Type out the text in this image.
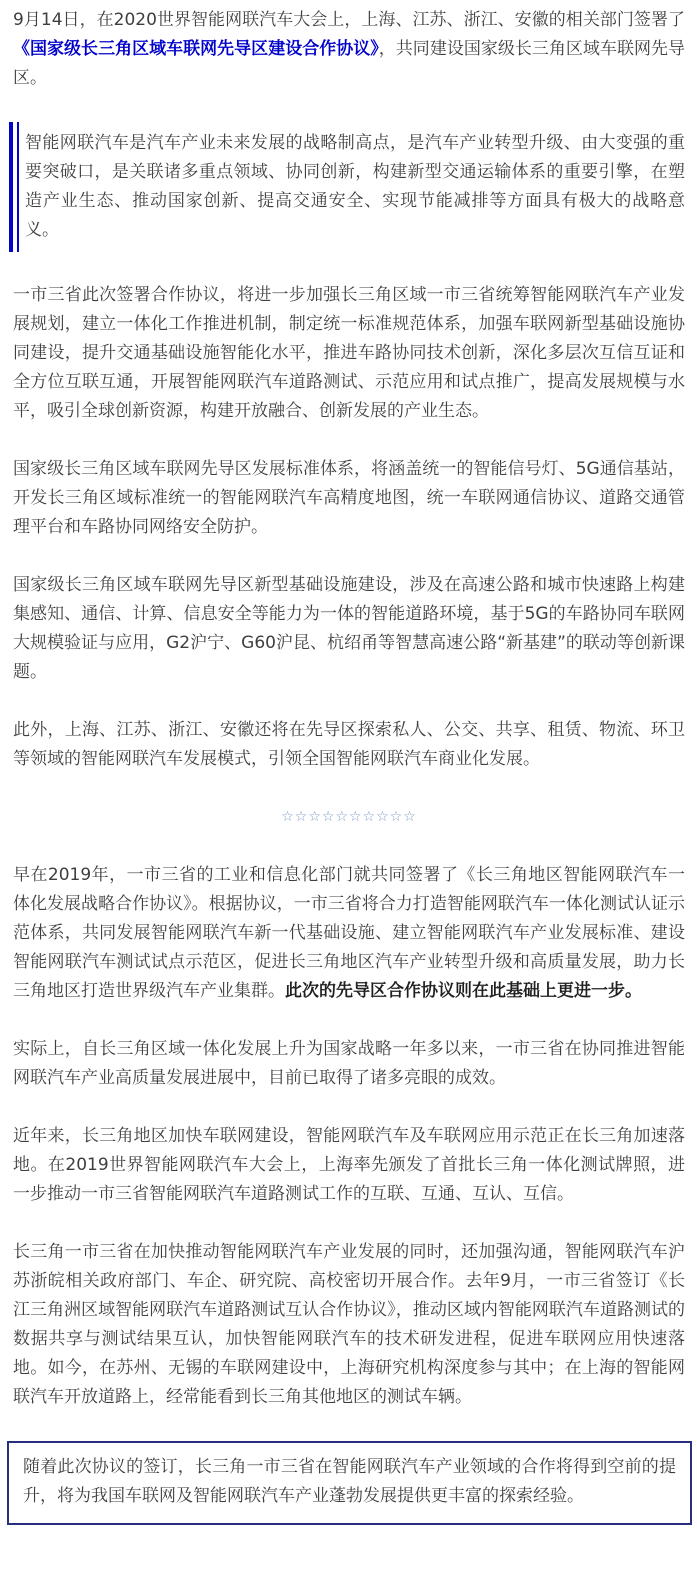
9月14日，在2020世界智能网联汽车大会上，上海、江苏、浙江、安徽的相关部门签署了《国家级长三角区域车联网先导区建设合作协议》，共同建设国家级长三角区域车联网先导区。

智能网联汽车是汽车产业未来发展的战略制高点，是汽车产业转型升级、由大变强的重要突破口，是关联诸多重点领域、协同创新，构建新型交通运输体系的重要引擎，在塑造产业生态、推动国家创新、提高交通安全、实现节能减排等方面具有极大的战略意义。

一市三省此次签署合作协议，将进一步加强长三角区域一市三省统筹智能网联汽车产业发展规划，建立一体化工作推进机制，制定统一标准规范体系，加强车联网新型基础设施协同建设，提升交通基础设施智能化水平，推进车路协同技术创新，深化多层次互信互证和全方位互联互通，开展智能网联汽车道路测试、示范应用和试点推广，提高发展规模与水平，吸引全球创新资源，构建开放融合、创新发展的产业生态。

国家级长三角区域车联网先导区发展标准体系，将涵盖统一的智能信号灯、5G通信基站，开发长三角区域标准统一的智能网联汽车高精度地图，统一车联网通信协议、道路交通管理平台和车路协同网络安全防护。

国家级长三角区域车联网先导区新型基础设施建设，涉及在高速公路和城市快速路上构建集感知、通信、计算、信息安全等能力为一体的智能道路环境，基于5G的车路协同车联网大规模验证与应用，G2沪宁、G60沪昆、杭绍甬等智慧高速公路“新基建”的联动等创新课题。

此外，上海、江苏、浙江、安徽还将在先导区探索私人、公交、共享、租赁、物流、环卫等领域的智能网联汽车发展模式，引领全国智能网联汽车商业化发展。

☆☆☆☆☆☆☆☆☆☆

早在2019年，一市三省的工业和信息化部门就共同签署了《长三角地区智能网联汽车一体化发展战略合作协议》。根据协议，一市三省将合力打造智能网联汽车一体化测试认证示范体系，共同发展智能网联汽车新一代基础设施、建立智能网联汽车产业发展标准、建设智能网联汽车测试试点示范区，促进长三角地区汽车产业转型升级和高质量发展，助力长三角地区打造世界级汽车产业集群。此次的先导区合作协议则在此基础上更进一步。

实际上，自长三角区域一体化发展上升为国家战略一年多以来，一市三省在协同推进智能网联汽车产业高质量发展进展中，目前已取得了诸多亮眼的成效。

近年来，长三角地区加快车联网建设，智能网联汽车及车联网应用示范正在长三角加速落地。在2019世界智能网联汽车大会上，上海率先颁发了首批长三角一体化测试牌照，进一步推动一市三省智能网联汽车道路测试工作的互联、互通、互认、互信。

长三角一市三省在加快推动智能网联汽车产业发展的同时，还加强沟通，智能网联汽车沪苏浙皖相关政府部门、车企、研究院、高校密切开展合作。去年9月，一市三省签订《长江三角洲区域智能网联汽车道路测试互认合作协议》，推动区域内智能网联汽车道路测试的数据共享与测试结果互认，加快智能网联汽车的技术研发进程，促进车联网应用快速落地。如今，在苏州、无锡的车联网建设中，上海研究机构深度参与其中；在上海的智能网联汽车开放道路上，经常能看到长三角其他地区的测试车辆。

随着此次协议的签订，长三角一市三省在智能网联汽车产业领域的合作将得到空前的提升，将为我国车联网及智能网联汽车产业蓬勃发展提供更丰富的探索经验。
